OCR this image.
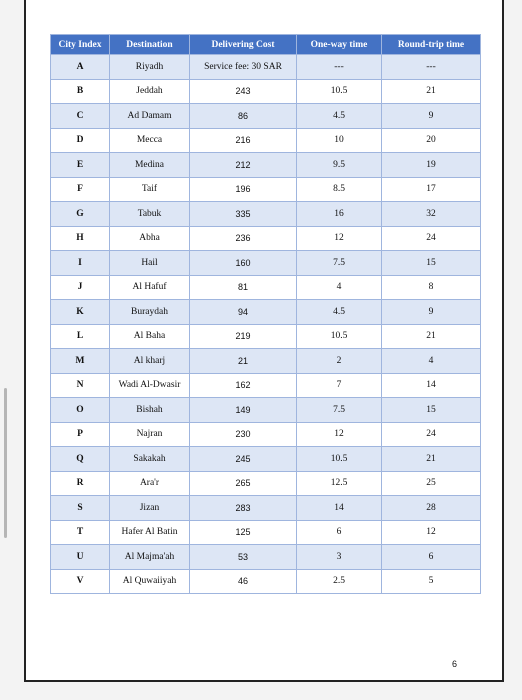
City Index	Destination	Delivering Cost	One-way time	Round-trip time
A	Riyadh	Service fee: 30 SAR	---	---
B	Jeddah	243	10.5	21
C	Ad Damam	86	4.5	9
D	Mecca	216	10	20
E	Medina	212	9.5	19
F	Taif	196	8.5	17
G	Tabuk	335	16	32
H	Abha	236	12	24
I	Hail	160	7.5	15
J	Al Hafuf	81	4	8
K	Buraydah	94	4.5	9
L	Al Baha	219	10.5	21
M	Al kharj	21	2	4
N	Wadi Al-Dwasir	162	7	14
O	Bishah	149	7.5	15
P	Najran	230	12	24
Q	Sakakah	245	10.5	21
R	Ara'r	265	12.5	25
S	Jizan	283	14	28
T	Hafer Al Batin	125	6	12
U	Al Majma'ah	53	3	6
V	Al Quwaiiyah	46	2.5	5
6
